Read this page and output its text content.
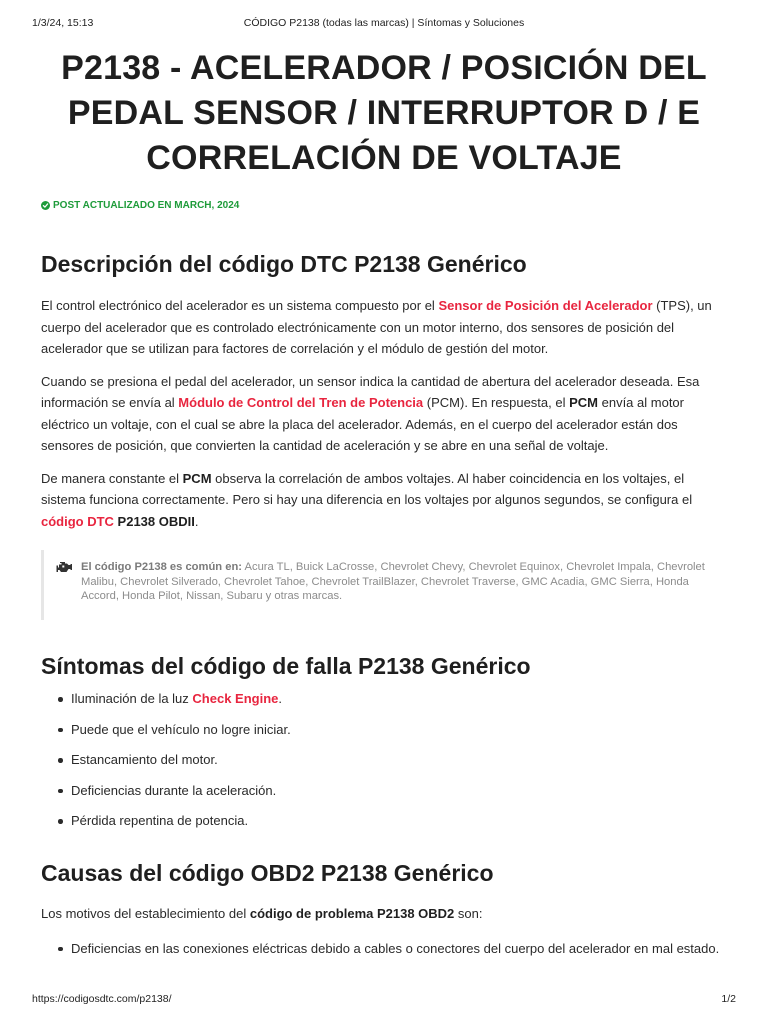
1/3/24, 15:13	CÓDIGO P2138 (todas las marcas) | Síntomas y Soluciones
P2138 - ACELERADOR / POSICIÓN DEL PEDAL SENSOR / INTERRUPTOR D / E CORRELACIÓN DE VOLTAJE
POST ACTUALIZADO EN MARCH, 2024
Descripción del código DTC P2138 Genérico

El control electrónico del acelerador es un sistema compuesto por el Sensor de Posición del Acelerador (TPS), un cuerpo del acelerador que es controlado electrónicamente con un motor interno, dos sensores de posición del acelerador que se utilizan para factores de correlación y el módulo de gestión del motor.

Cuando se presiona el pedal del acelerador, un sensor indica la cantidad de abertura del acelerador deseada. Esa información se envía al Módulo de Control del Tren de Potencia (PCM). En respuesta, el PCM envía al motor eléctrico un voltaje, con el cual se abre la placa del acelerador. Además, en el cuerpo del acelerador están dos sensores de posición, que convierten la cantidad de aceleración y se abre en una señal de voltaje.

De manera constante el PCM observa la correlación de ambos voltajes. Al haber coincidencia en los voltajes, el sistema funciona correctamente. Pero si hay una diferencia en los voltajes por algunos segundos, se configura el código DTC P2138 OBDII.

El código P2138 es común en: Acura TL, Buick LaCrosse, Chevrolet Chevy, Chevrolet Equinox, Chevrolet Impala, Chevrolet Malibu, Chevrolet Silverado, Chevrolet Tahoe, Chevrolet TrailBlazer, Chevrolet Traverse, GMC Acadia, GMC Sierra, Honda Accord, Honda Pilot, Nissan, Subaru y otras marcas.
Síntomas del código de falla P2138 Genérico
Iluminación de la luz Check Engine.
Puede que el vehículo no logre iniciar.
Estancamiento del motor.
Deficiencias durante la aceleración.
Pérdida repentina de potencia.
Causas del código OBD2 P2138 Genérico

Los motivos del establecimiento del código de problema P2138 OBD2 son:

Deficiencias en las conexiones eléctricas debido a cables o conectores del cuerpo del acelerador en mal estado.
https://codigosdtc.com/p2138/	1/2
